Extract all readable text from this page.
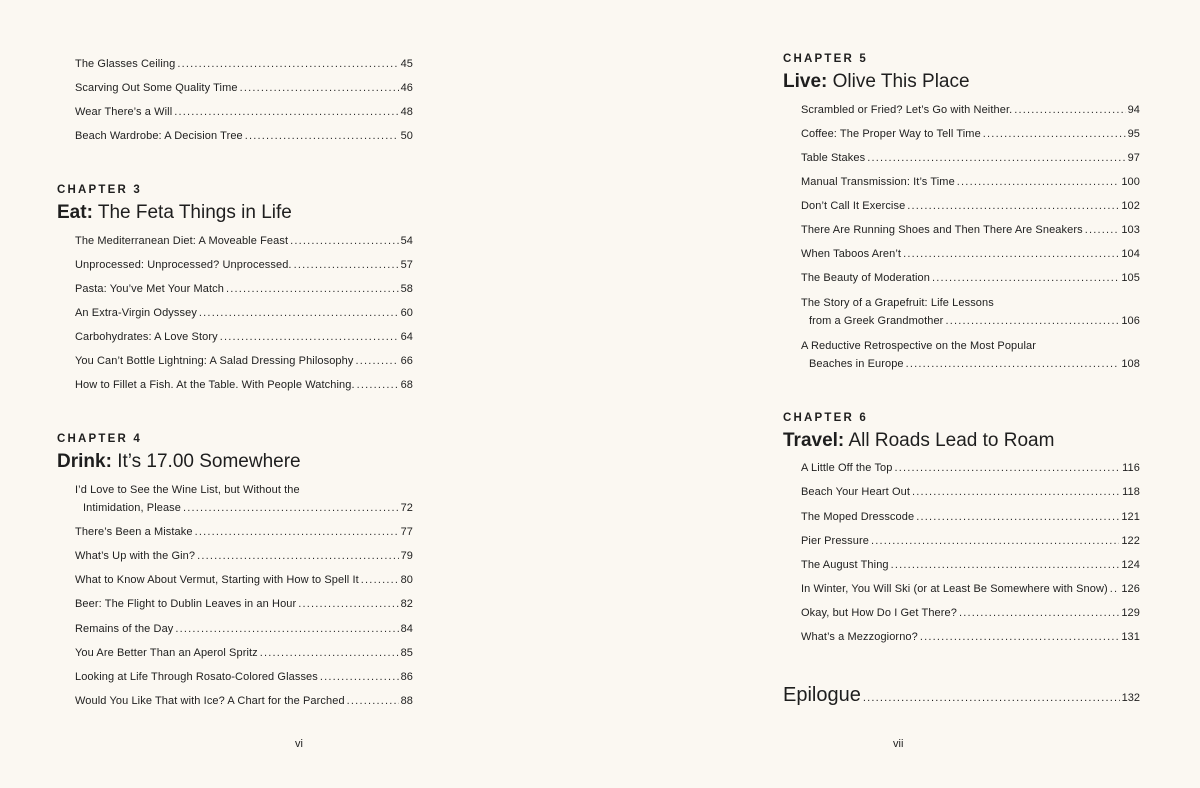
The Glasses Ceiling .....	45
Scarving Out Some Quality Time .....	46
Wear There’s a Will .....	48
Beach Wardrobe: A Decision Tree .....	50
CHAPTER 3
Eat: The Feta Things in Life
The Mediterranean Diet: A Moveable Feast .....	54
Unprocessed: Unprocessed? Unprocessed. .....	57
Pasta: You’ve Met Your Match .....	58
An Extra-Virgin Odyssey .....	60
Carbohydrates: A Love Story .....	64
You Can’t Bottle Lightning: A Salad Dressing Philosophy .....	66
How to Fillet a Fish. At the Table. With People Watching. .....	68
CHAPTER 4
Drink: It’s 17.00 Somewhere
I’d Love to See the Wine List, but Without the
Intimidation, Please .....	72
There’s Been a Mistake .....	77
What’s Up with the Gin? .....	79
What to Know About Vermut, Starting with How to Spell It .....	80
Beer: The Flight to Dublin Leaves in an Hour .....	82
Remains of the Day .....	84
You Are Better Than an Aperol Spritz .....	85
Looking at Life Through Rosato-Colored Glasses .....	86
Would You Like That with Ice? A Chart for the Parched .....	88
vi
CHAPTER 5
Live: Olive This Place
Scrambled or Fried? Let’s Go with Neither. .....	94
Coffee: The Proper Way to Tell Time .....	95
Table Stakes .....	97
Manual Transmission: It’s Time .....	100
Don’t Call It Exercise .....	102
There Are Running Shoes and Then There Are Sneakers .....	103
When Taboos Aren’t .....	104
The Beauty of Moderation .....	105
The Story of a Grapefruit: Life Lessons
from a Greek Grandmother .....	106
A Reductive Retrospective on the Most Popular
Beaches in Europe .....	108
CHAPTER 6
Travel: All Roads Lead to Roam
A Little Off the Top .....	116
Beach Your Heart Out .....	118
The Moped Dresscode .....	121
Pier Pressure .....	122
The August Thing .....	124
In Winter, You Will Ski (or at Least Be Somewhere with Snow) ..... 126
Okay, but How Do I Get There? .....	129
What’s a Mezzogiorno? .....	131
Epilogue .....	132
vii
